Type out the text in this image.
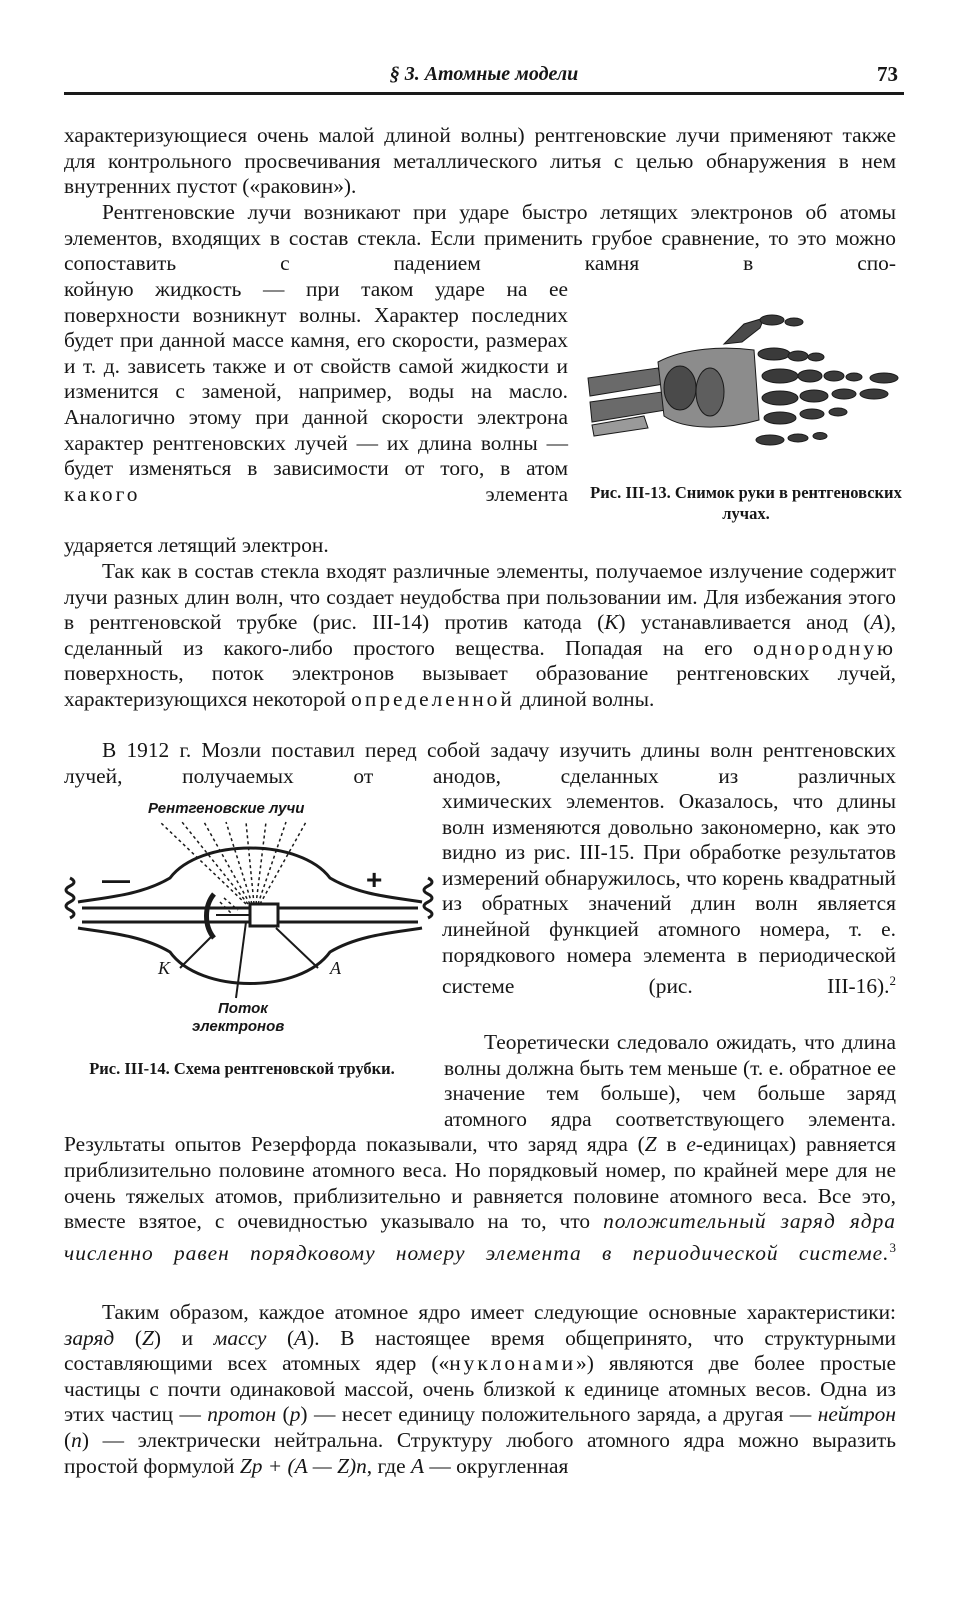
§ 3. Атомные модели	73

характеризующиеся очень малой длиной волны) рентгеновские лучи применяют также для контрольного просвечивания металлического литья с целью обнаружения в нем внутренних пустот («раковин»).

Рентгеновские лучи возникают при ударе быстро летящих электронов об атомы элементов, входящих в состав стекла. Если применить грубое сравнение, то это можно сопоставить с падением камня в спо-

койную жидкость — при таком ударе на ее поверхности возникнут волны. Характер последних будет при данной массе камня, его скорости, размерах и т. д. зависеть также и от свойств самой жидкости и изменится с заменой, например, воды на масло. Аналогично этому при данной скорости электрона характер рентгеновских лучей — их длина волны — будет изменяться в зависимости от того, в атом какого	элемента

ударяется летящий электрон.

Рис. III-13. Снимок руки в рентгеновских лучах.

Так как в состав стекла входят различные элементы, получаемое излучение содержит лучи разных длин волн, что создает неудобства при пользовании им. Для избежания этого в рентгеновской трубке (рис. III-14) против катода (К) устанавливается анод (А), сделанный из какого-либо простого вещества. Попадая на его однородную поверхность, поток электронов вызывает образование рентгеновских лучей, характеризующихся некоторой определенной длиной волны.

В 1912 г. Мозли поставил перед собой задачу изучить длины волн рентгеновских лучей, получаемых от анодов, сделанных из различных

химических элементов. Оказалось, что длины волн изменяются довольно закономерно, как это видно из рис. III-15. При обработке результатов измерений обнаружилось, что корень квадратный из обратных значений длин волн является линейной функцией атомного номера, т. е. порядкового номера элемента в периодической системе (рис. III-16).$^2$

Рентгеновские лучи
—	+
К	А
Поток
электронов
Рис. III-14. Схема рентгеновской трубки.

Теоретически следовало ожидать, что длина волны должна быть тем меньше (т. е. обратное ее значение тем больше), чем больше заряд атомного ядра соответствующего элемента. Результаты опытов Резерфорда показывали, что заряд ядра (Z в е-единицах) равняется приблизительно половине атомного веса. Но порядковый номер, по крайней мере для не очень тяжелых атомов, приблизительно и равняется половине атомного веса. Все это, вместе взятое, с очевидностью указывало на то, что положительный заряд ядра численно равен порядковому номеру элемента в периодической системе.$^3$

Таким образом, каждое атомное ядро имеет следующие основные характеристики: заряд (Z) и массу (А). В настоящее время общепринято, что структурными составляющими всех атомных ядер («нуклонами») являются две более простые частицы с почти одинаковой массой, очень близкой к единице атомных весов. Одна из этих частиц — протон (p) — несет единицу положительного заряда, а другая — нейтрон (n) — электрически нейтральна. Структуру любого атомного ядра можно выразить простой формулой Zp + (A — Z)n, где A — округленная
